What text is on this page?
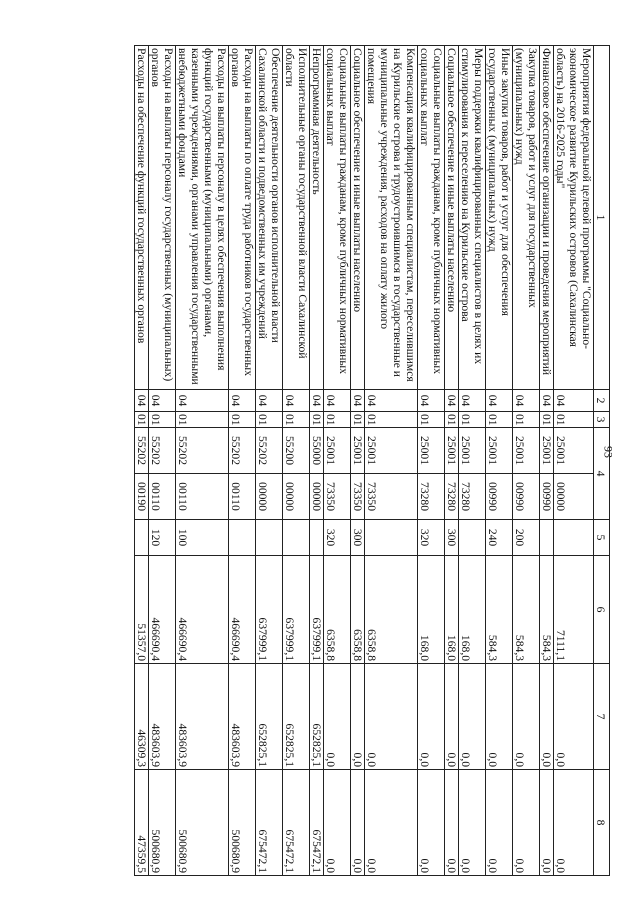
93
1	2	3	4		5	6	7	8
Мероприятия федеральной целевой программы "Социально-экономическое развитие Курильских островов (Сахалинская область) на 2016-2025 годы"	04	01	25001	00000		7111,1	0,0	0,0
Финансовое обеспечение организации и проведения мероприятий	04	01	25001	00990		584,3	0,0	0,0
Закупка товаров, работ и услуг для государственных (муниципальных) нужд	04	01	25001	00990	200	584,3	0,0	0,0
Иные закупки товаров, работ и услуг для обеспечения государственных (муниципальных) нужд	04	01	25001	00990	240	584,3	0,0	0,0
Меры поддержки квалифицированных специалистов в целях их стимулирования к переселению на Курильские острова	04	01	25001	73280		168,0	0,0	0,0
Социальное обеспечение и иные выплаты населению	04	01	25001	73280	300	168,0	0,0	0,0
Социальные выплаты гражданам, кроме публичных нормативных социальных выплат	04	01	25001	73280	320	168,0	0,0	0,0
Компенсация квалифицированным специалистам, переселившимся на Курильские острова и трудоустроившимся в государственные и муниципальные учреждения, расходов на оплату жилого помещения	04	01	25001	73350		6358,8	0,0	0,0
Социальное обеспечение и иные выплаты населению	04	01	25001	73350	300	6358,8	0,0	0,0
Социальные выплаты гражданам, кроме публичных нормативных социальных выплат	04	01	25001	73350	320	6358,8	0,0	0,0
Непрограммная деятельность	04	01	55000	00000		637999,1	652825,1	675472,1
Исполнительные органы государственной власти Сахалинской области	04	01	55200	00000		637999,1	652825,1	675472,1
Обеспечение деятельности органов исполнительной власти Сахалинской области и подведомственных им учреждений	04	01	55202	00000		637999,1	652825,1	675472,1
Расходы на выплаты по оплате труда работников государственных органов	04	01	55202	00110		466690,4	483603,9	500680,9
Расходы на выплаты персоналу в целях обеспечения выполнения функций государственными (муниципальными) органами, казенными учреждениями, органами управления государственными внебюджетными фондами	04	01	55202	00110	100	466690,4	483603,9	500680,9
Расходы на выплаты персоналу государственных (муниципальных) органов	04	01	55202	00110	120	466690,4	483603,9	500680,9
Расходы на обеспечение функций государственных органов	04	01	55202	00190		51357,0	46309,3	47359,5
